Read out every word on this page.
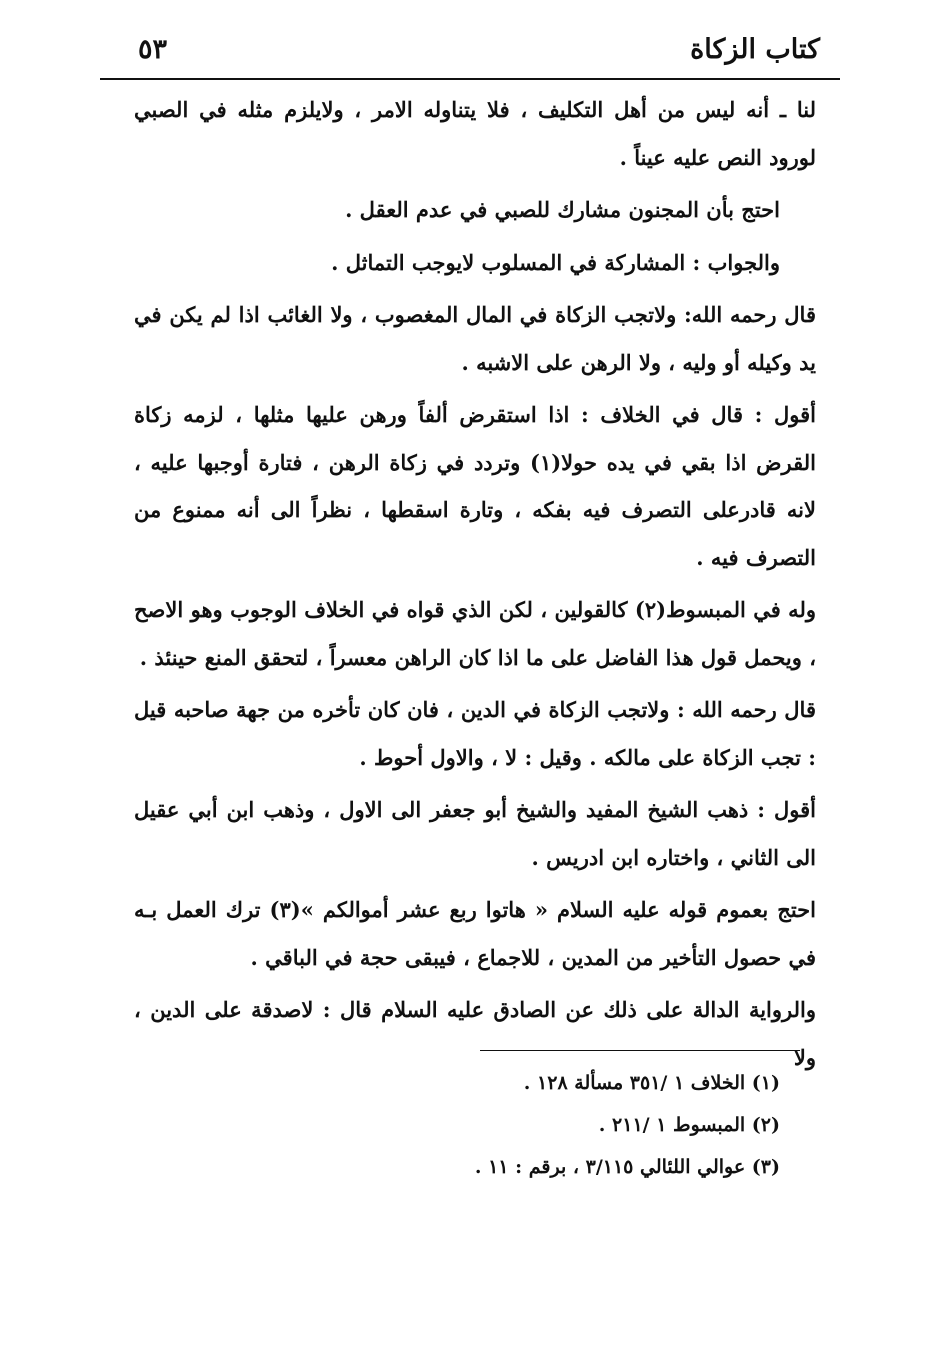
كتاب الزكاة
٥٣

لنا ـ أنه ليس من أهل التكليف ، فلا يتناوله الامر ، ولايلزم مثله في الصبي لورود النص عليه عيناً .

احتج بأن المجنون مشارك للصبي في عدم العقل .

والجواب : المشاركة في المسلوب لايوجب التماثل .

قال رحمه الله: ولاتجب الزكاة في المال المغصوب ، ولا الغائب اذا لم يكن في يد وكيله أو وليه ، ولا الرهن على الاشبه .

أقول : قال في الخلاف : اذا استقرض ألفاً ورهن عليها مثلها ، لزمه زكاة القرض اذا بقي في يده حولا(١) وتردد في زكاة الرهن ، فتارة أوجبها عليه ، لانه قادرعلى التصرف فيه بفكه ، وتارة اسقطها ، نظراً الى أنه ممنوع من التصرف فيه .

وله في المبسوط(٢) كالقولين ، لكن الذي قواه في الخلاف الوجوب وهو الاصح ، ويحمل قول هذا الفاضل على ما اذا كان الراهن معسراً ، لتحقق المنع حينئذ .

قال رحمه الله : ولاتجب الزكاة في الدين ، فان كان تأخره من جهة صاحبه قيل : تجب الزكاة على مالكه . وقيل : لا ، والاول أحوط .

أقول : ذهب الشيخ المفيد والشيخ أبو جعفر الى الاول ، وذهب ابن أبي عقيل الى الثاني ، واختاره ابن ادريس .

احتج بعموم قوله عليه السلام « هاتوا ربع عشر أموالكم »(٣) ترك العمل بـه في حصول التأخير من المدين ، للاجماع ، فيبقى حجة في الباقي .

والرواية الدالة على ذلك عن الصادق عليه السلام قال : لاصدقة على الدين ، ولا

(١) الخلاف ١ /٣٥١ مسألة ١٢٨ .

(٢) المبسوط ١ /٢١١ .

(٣) عوالي اللئالي ٣/١١٥ ، برقم : ١١ .
